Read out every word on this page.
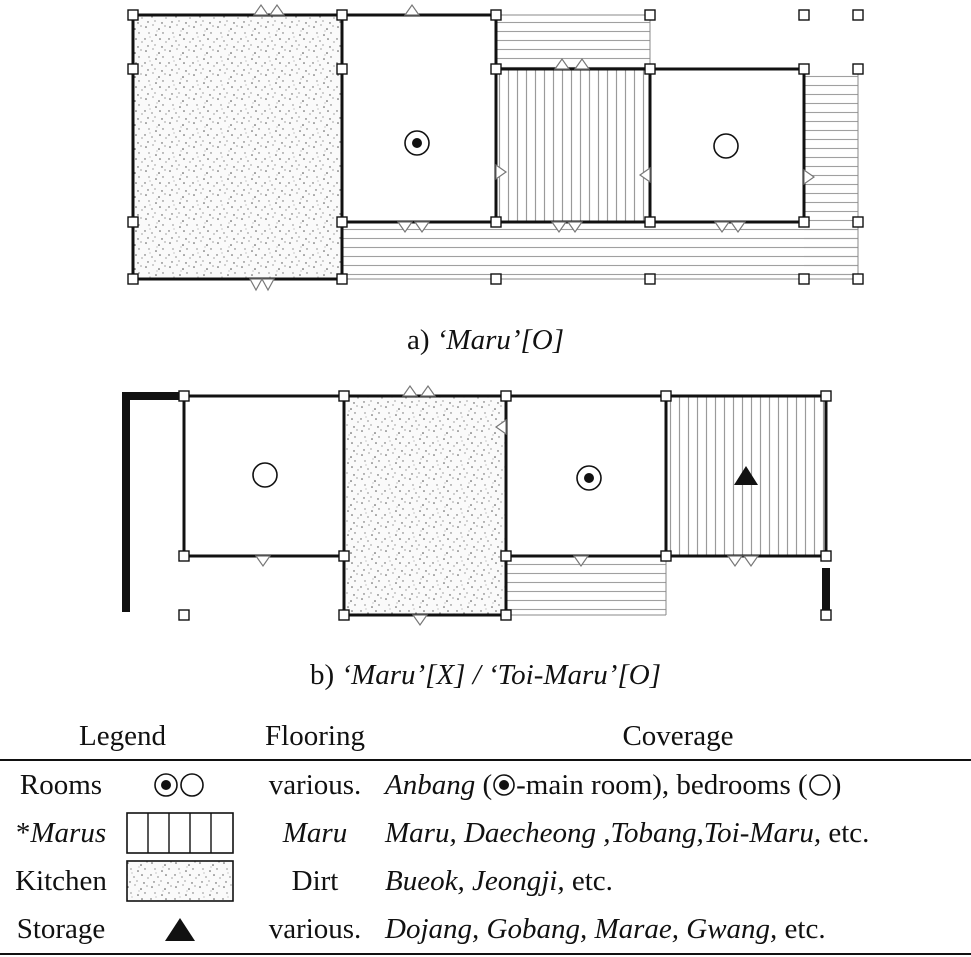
a) ‘Maru’[O]
b) ‘Maru’[X] / ‘Toi-Maru’[O]
Legend	Flooring	Coverage

Rooms	various.	Anbang ( -main room), bedrooms ( )

*Marus	Maru	Maru, Daecheong ,Tobang,Toi-Maru, etc.

Kitchen	Dirt	Bueok, Jeongji, etc.

Storage	various.	Dojang, Gobang, Marae, Gwang, etc.
